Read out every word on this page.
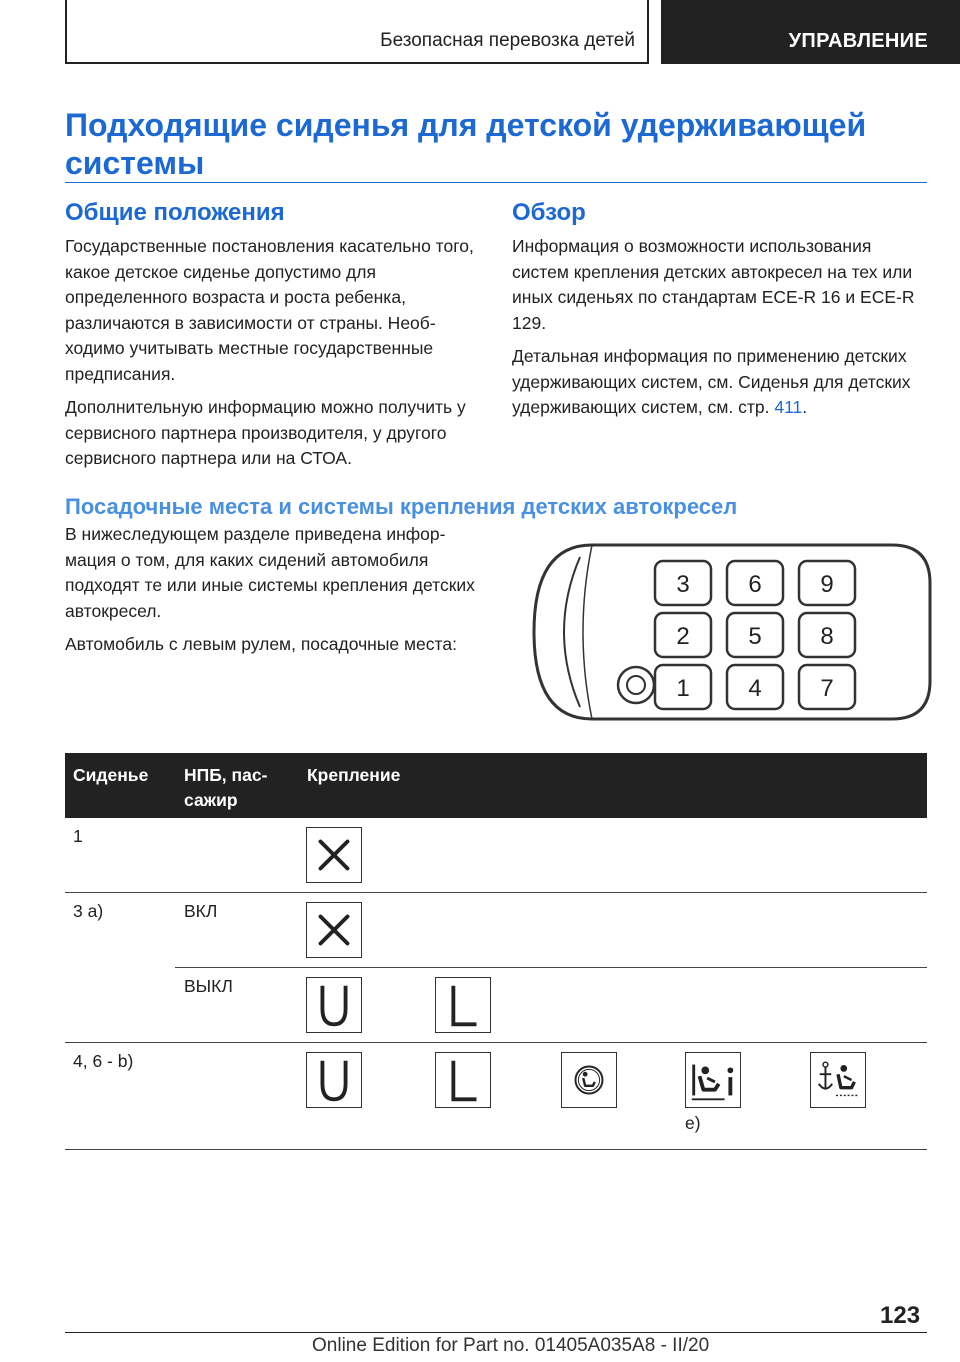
Безопасная перевозка детей	УПРАВЛЕНИЕ
Подходящие сиденья для детской удерживающей
системы
Общие положения

Государственные постановления касательно того, какое детское сиденье допустимо для определенного возраста и роста ребенка, различаются в зависимости от страны. Необходимо учитывать местные государственные предписания.

Дополнительную информацию можно получить у сервисного партнера производителя, у другого сервисного партнера или на СТОА.

Обзор

Информация о возможности использования систем крепления детских автокресел на тех или иных сиденьях по стандартам ECE-R 16 и ECE-R 129.

Детальная информация по применению детских удерживающих систем, см. Сиденья для детских удерживающих систем, см. стр. 411.

Посадочные места и системы крепления детских автокресел

В нижеследующем разделе приведена информация о том, для каких сидений автомобиля подходят те или иные системы крепления детских автокресел.

Автомобиль с левым рулем, посадочные места:

3 6 9
2 5 8
1 4 7
Сиденье НПБ, пассажир
Крепление
1
3 a)	ВКЛ
ВЫКЛ
4, 6 - b)
e)
123
Online Edition for Part no. 01405A035A8 - II/20
